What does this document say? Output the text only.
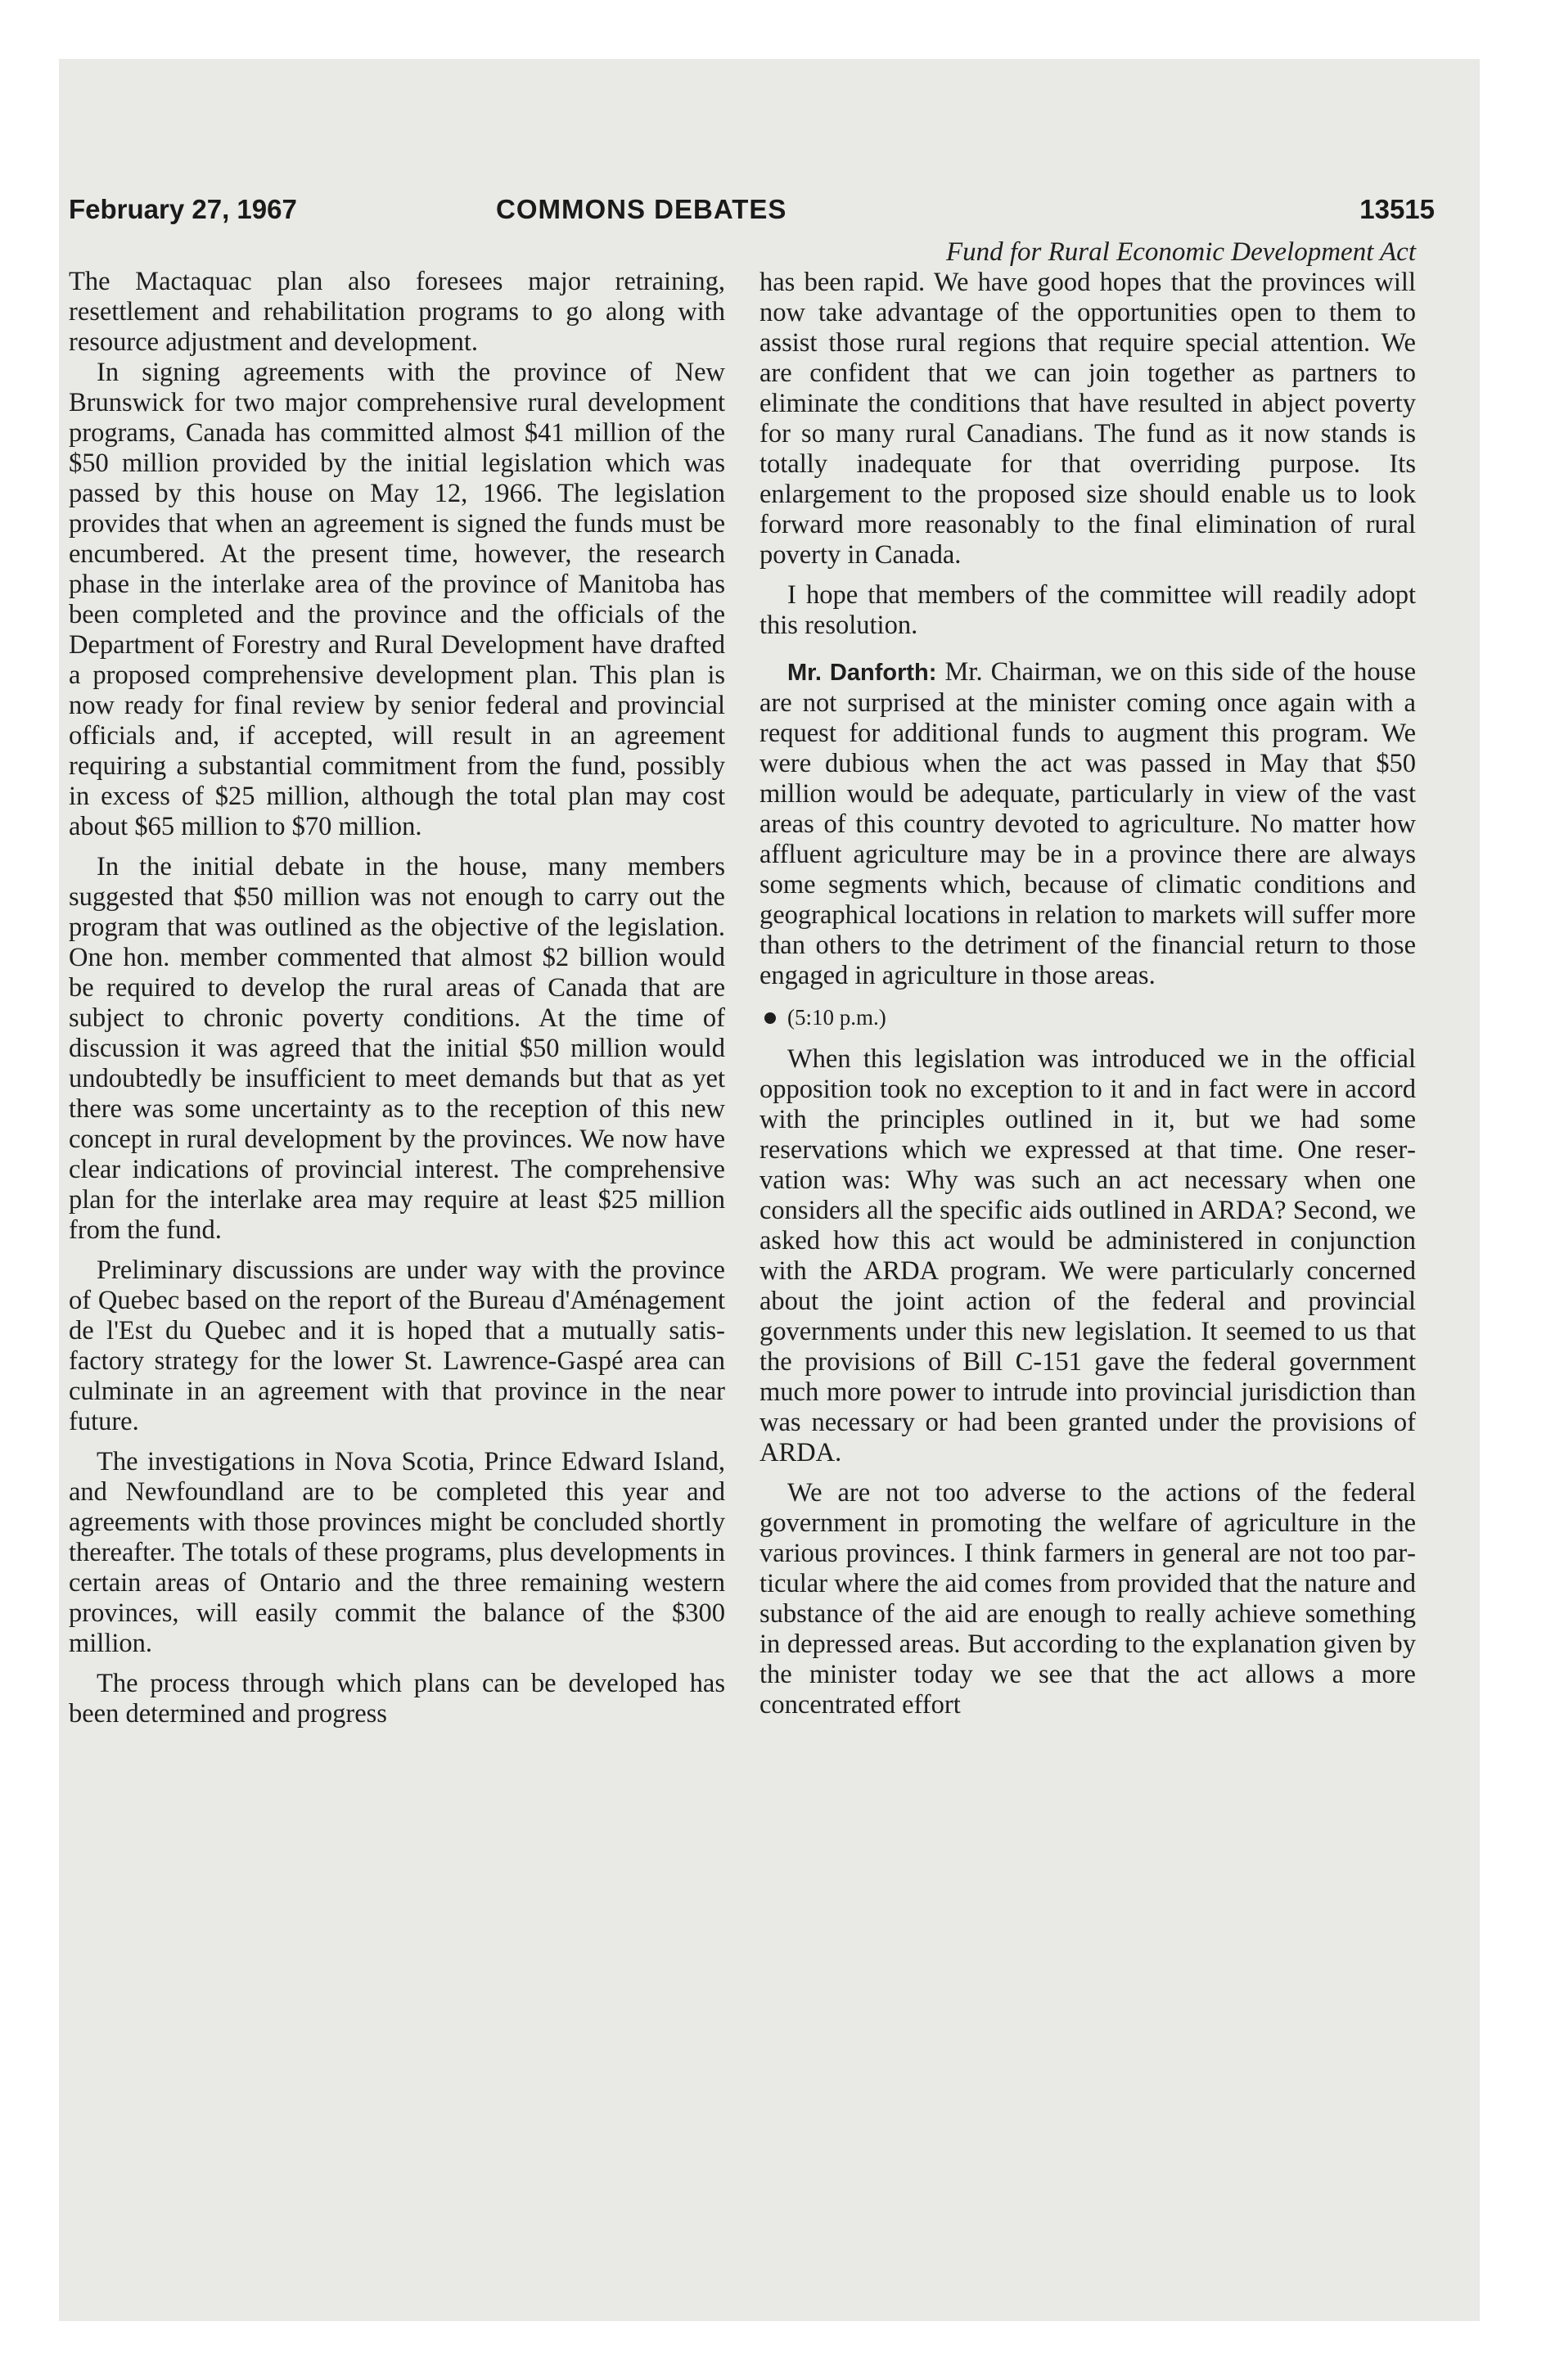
February 27, 1967	COMMONS DEBATES	13515

The Mactaquac plan also foresees major retraining, resettlement and rehabilitation programs to go along with resource adjustment and development.

In signing agreements with the province of New Brunswick for two major comprehensive rural development programs, Canada has committed almost $41 million of the $50 million provided by the initial legislation which was passed by this house on May 12, 1966. The legislation provides that when an agreement is signed the funds must be encumbered. At the present time, however, the research phase in the interlake area of the province of Manitoba has been completed and the province and the officials of the Department of Forestry and Rural Development have drafted a proposed comprehensive development plan. This plan is now ready for final review by senior federal and provincial officials and, if accepted, will result in an agreement requiring a substantial commitment from the fund, possibly in excess of $25 million, although the total plan may cost about $65 million to $70 million.

In the initial debate in the house, many members suggested that $50 million was not enough to carry out the program that was outlined as the objective of the legislation. One hon. member commented that almost $2 billion would be required to develop the rural areas of Canada that are subject to chronic poverty conditions. At the time of discussion it was agreed that the initial $50 million would undoubtedly be insufficient to meet demands but that as yet there was some uncertainty as to the reception of this new concept in rural development by the provinces. We now have clear indications of provincial interest. The comprehensive plan for the interlake area may require at least $25 million from the fund.

Preliminary discussions are under way with the province of Quebec based on the report of the Bureau d'Aménagement de l'Est du Quebec and it is hoped that a mutually satisfactory strategy for the lower St. Lawrence-Gaspé area can culminate in an agreement with that province in the near future.

The investigations in Nova Scotia, Prince Edward Island, and Newfoundland are to be completed this year and agreements with those provinces might be concluded shortly thereafter. The totals of these programs, plus developments in certain areas of Ontario and the three remaining western provinces, will easily commit the balance of the $300 million.

The process through which plans can be developed has been determined and progress

Fund for Rural Economic Development Act

has been rapid. We have good hopes that the provinces will now take advantage of the opportunities open to them to assist those rural regions that require special attention. We are confident that we can join together as partners to eliminate the conditions that have resulted in abject poverty for so many rural Canadians. The fund as it now stands is totally inadequate for that overriding purpose. Its enlargement to the proposed size should enable us to look forward more reasonably to the final elimination of rural poverty in Canada.

I hope that members of the committee will readily adopt this resolution.

Mr. Danforth: Mr. Chairman, we on this side of the house are not surprised at the minister coming once again with a request for additional funds to augment this program. We were dubious when the act was passed in May that $50 million would be adequate, particularly in view of the vast areas of this country devoted to agriculture. No matter how affluent agriculture may be in a province there are always some segments which, because of climatic conditions and geographical locations in relation to markets will suffer more than others to the detriment of the financial return to those engaged in agriculture in those areas.

(5:10 p.m.)

When this legislation was introduced we in the official opposition took no exception to it and in fact were in accord with the principles outlined in it, but we had some reservations which we expressed at that time. One reservation was: Why was such an act necessary when one considers all the specific aids outlined in ARDA? Second, we asked how this act would be administered in conjunction with the ARDA program. We were particularly concerned about the joint action of the federal and provincial governments under this new legislation. It seemed to us that the provisions of Bill C-151 gave the federal government much more power to intrude into provincial jurisdiction than was necessary or had been granted under the provisions of ARDA.

We are not too adverse to the actions of the federal government in promoting the welfare of agriculture in the various provinces. I think farmers in general are not too particular where the aid comes from provided that the nature and substance of the aid are enough to really achieve something in depressed areas. But according to the explanation given by the minister today we see that the act allows a more concentrated effort
